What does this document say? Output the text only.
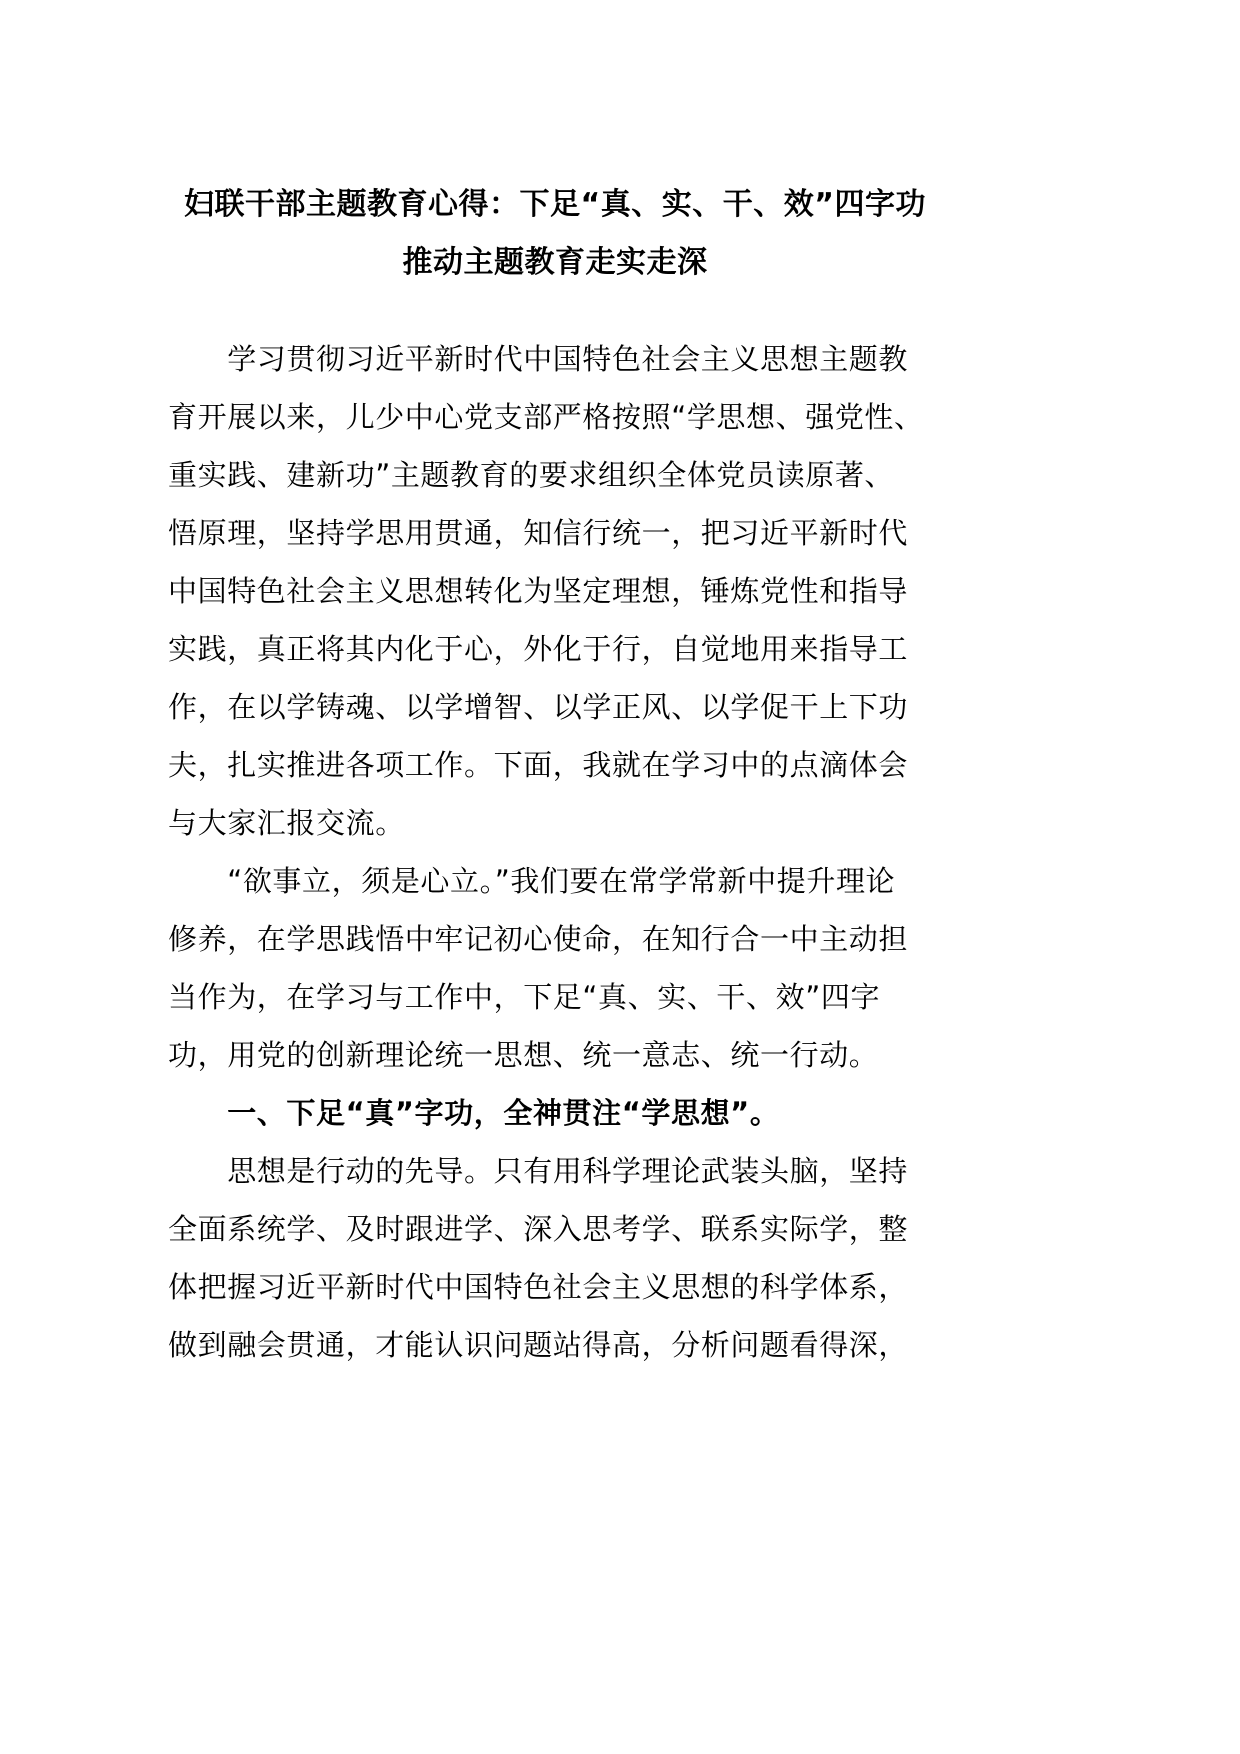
妇联干部主题教育心得：下足“真、实、干、效”四字功
推动主题教育走实走深
　　学习贯彻习近平新时代中国特色社会主义思想主题教
育开展以来，儿少中心党支部严格按照“学思想、强党性、
重实践、建新功”主题教育的要求组织全体党员读原著、
悟原理，坚持学思用贯通，知信行统一，把习近平新时代
中国特色社会主义思想转化为坚定理想，锤炼党性和指导
实践，真正将其内化于心，外化于行，自觉地用来指导工
作，在以学铸魂、以学增智、以学正风、以学促干上下功
夫，扎实推进各项工作。下面，我就在学习中的点滴体会
与大家汇报交流。
　　“欲事立，须是心立。”我们要在常学常新中提升理论
修养，在学思践悟中牢记初心使命，在知行合一中主动担
当作为，在学习与工作中，下足“真、实、干、效”四字
功，用党的创新理论统一思想、统一意志、统一行动。
　　一、下足“真”字功，全神贯注“学思想”。
　　思想是行动的先导。只有用科学理论武装头脑，坚持
全面系统学、及时跟进学、深入思考学、联系实际学，整
体把握习近平新时代中国特色社会主义思想的科学体系，
做到融会贯通，才能认识问题站得高，分析问题看得深，
